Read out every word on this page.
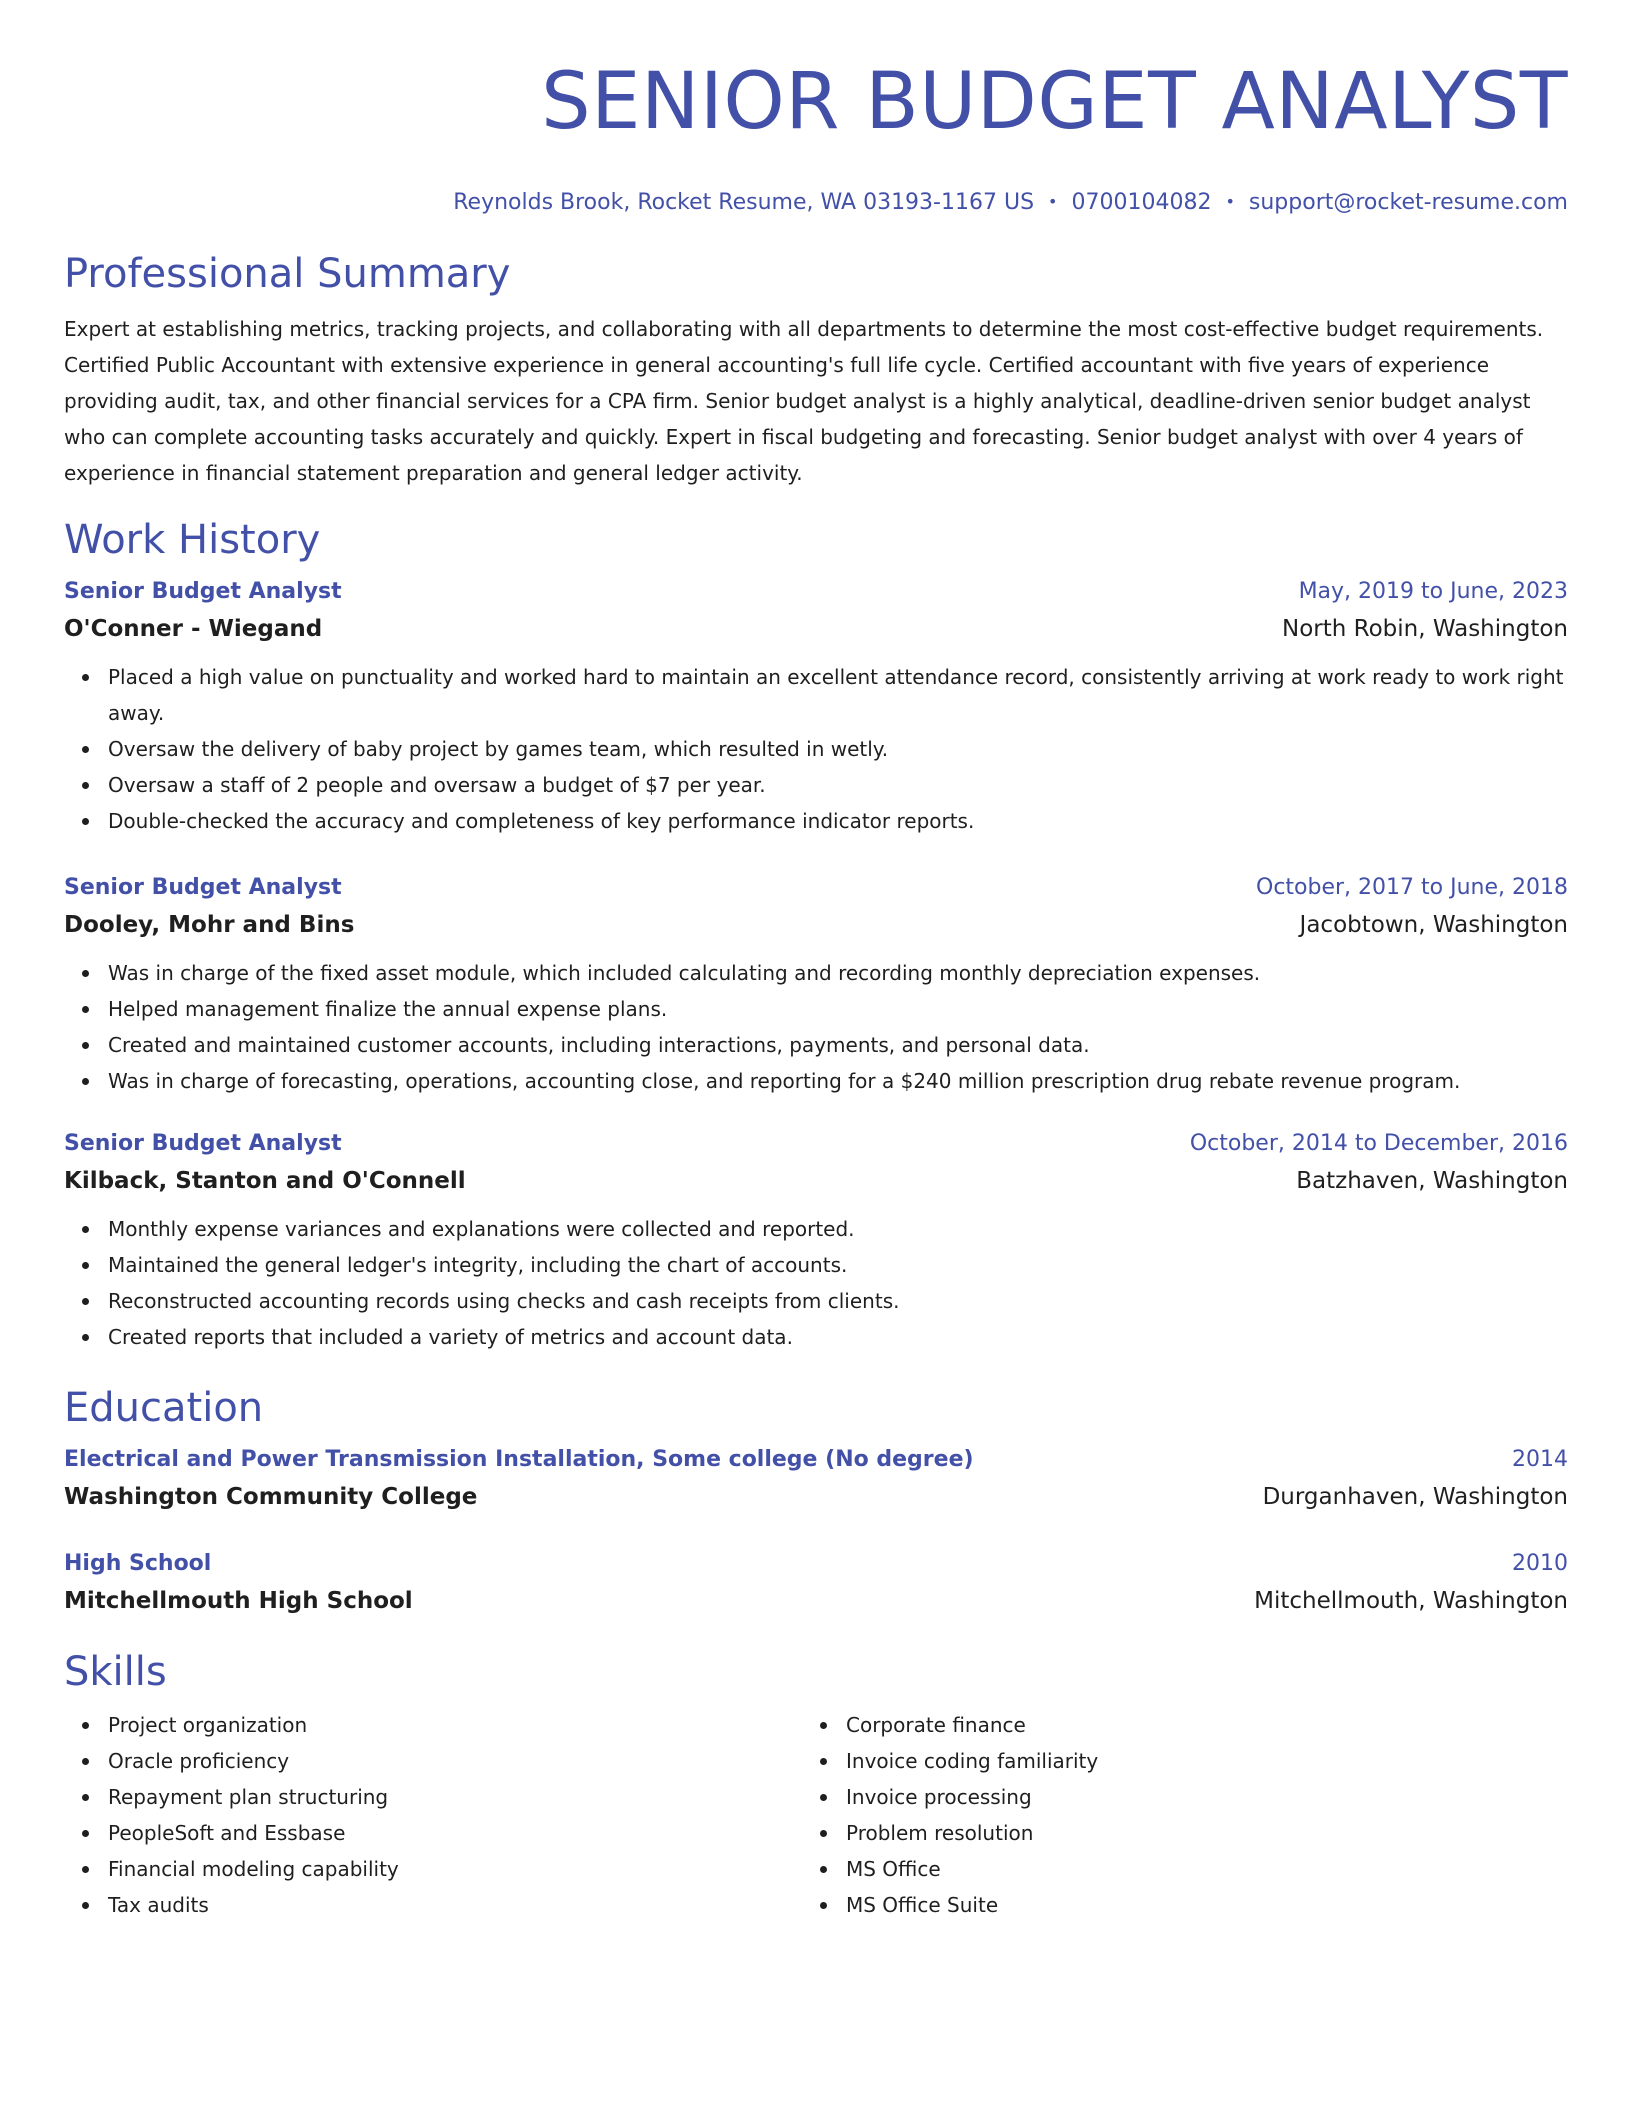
SENIOR BUDGET ANALYST
Reynolds Brook, Rocket Resume, WA 03193-1167 US • 0700104082 • support@rocket-resume.com
Professional Summary

Expert at establishing metrics, tracking projects, and collaborating with all departments to determine the most cost-effective budget requirements. Certified Public Accountant with extensive experience in general accounting's full life cycle. Certified accountant with five years of experience providing audit, tax, and other financial services for a CPA firm. Senior budget analyst is a highly analytical, deadline-driven senior budget analyst who can complete accounting tasks accurately and quickly. Expert in fiscal budgeting and forecasting. Senior budget analyst with over 4 years of experience in financial statement preparation and general ledger activity.

Work History
Senior Budget Analyst	May, 2019 to June, 2023
O'Conner - Wiegand	North Robin, Washington
Placed a high value on punctuality and worked hard to maintain an excellent attendance record, consistently arriving at work ready to work right away.
Oversaw the delivery of baby project by games team, which resulted in wetly.
Oversaw a staff of 2 people and oversaw a budget of $7 per year.
Double-checked the accuracy and completeness of key performance indicator reports.
Senior Budget Analyst	October, 2017 to June, 2018
Dooley, Mohr and Bins	Jacobtown, Washington
Was in charge of the fixed asset module, which included calculating and recording monthly depreciation expenses.
Helped management finalize the annual expense plans.
Created and maintained customer accounts, including interactions, payments, and personal data.
Was in charge of forecasting, operations, accounting close, and reporting for a $240 million prescription drug rebate revenue program.
Senior Budget Analyst	October, 2014 to December, 2016
Kilback, Stanton and O'Connell	Batzhaven, Washington
Monthly expense variances and explanations were collected and reported.
Maintained the general ledger's integrity, including the chart of accounts.
Reconstructed accounting records using checks and cash receipts from clients.
Created reports that included a variety of metrics and account data.
Education
Electrical and Power Transmission Installation, Some college (No degree)	2014
Washington Community College	Durganhaven, Washington
High School	2010
Mitchellmouth High School	Mitchellmouth, Washington
Skills
Project organization
Oracle proficiency
Repayment plan structuring
PeopleSoft and Essbase
Financial modeling capability
Tax audits
Corporate finance
Invoice coding familiarity
Invoice processing
Problem resolution
MS Office
MS Office Suite
